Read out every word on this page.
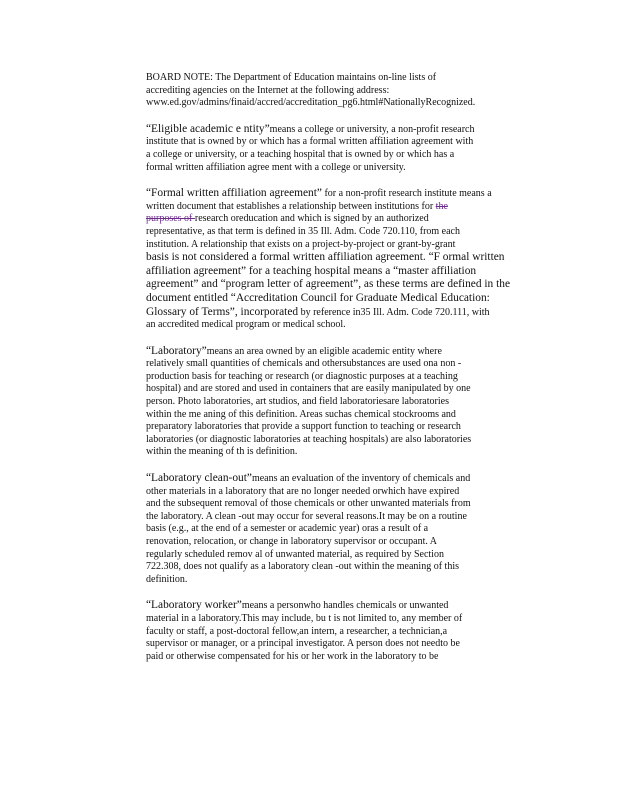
BOARD NOTE: The Department of Education maintains on-line lists of

accrediting agencies on the Internet at the following address:

www.ed.gov/admins/finaid/accred/accreditation_pg6.html#NationallyRecognized.

“Eligible academic e ntity”means a college or university, a non-profit research

institute that is owned by or which has a formal written affiliation agreement with

a college or university, or a teaching hospital that is owned by or which has a

formal written affiliation agree ment with a college or university.

“Formal written affiliation agreement” for a non-profit research institute means a

written document that establishes a relationship between institutions for the

purposes of research oreducation and which is signed by an authorized

representative, as that term is defined in 35 Ill. Adm. Code 720.110, from each

institution. A relationship that exists on a project-by-project or grant-by-grant

basis is not considered a formal written affiliation agreement. “F ormal written

affiliation agreement” for a teaching hospital means a “master affiliation

agreement” and “program letter of agreement”, as these terms are defined in the

document entitled “Accreditation Council for Graduate Medical Education:

Glossary of Terms”, incorporated by reference in35 Ill. Adm. Code 720.111, with

an accredited medical program or medical school.

“Laboratory”means an area owned by an eligible academic entity where

relatively small quantities of chemicals and othersubstances are used ona non -

production basis for teaching or research (or diagnostic purposes at a teaching

hospital) and are stored and used in containers that are easily manipulated by one

person. Photo laboratories, art studios, and field laboratoriesare laboratories

within the me aning of this definition. Areas suchas chemical stockrooms and

preparatory laboratories that provide a support function to teaching or research

laboratories (or diagnostic laboratories at teaching hospitals) are also laboratories

within the meaning of th is definition.

“Laboratory clean-out”means an evaluation of the inventory of chemicals and

other materials in a laboratory that are no longer needed orwhich have expired

and the subsequent removal of those chemicals or other unwanted materials from

the laboratory. A clean -out may occur for several reasons.It may be on a routine

basis (e.g., at the end of a semester or academic year) oras a result of a

renovation, relocation, or change in laboratory supervisor or occupant. A

regularly scheduled remov al of unwanted material, as required by Section

722.308, does not qualify as a laboratory clean -out within the meaning of this

definition.

“Laboratory worker”means a personwho handles chemicals or unwanted

material in a laboratory.This may include, bu t is not limited to, any member of

faculty or staff, a post-doctoral fellow,an intern, a researcher, a technician,a

supervisor or manager, or a principal investigator. A person does not needto be

paid or otherwise compensated for his or her work in the laboratory to be
